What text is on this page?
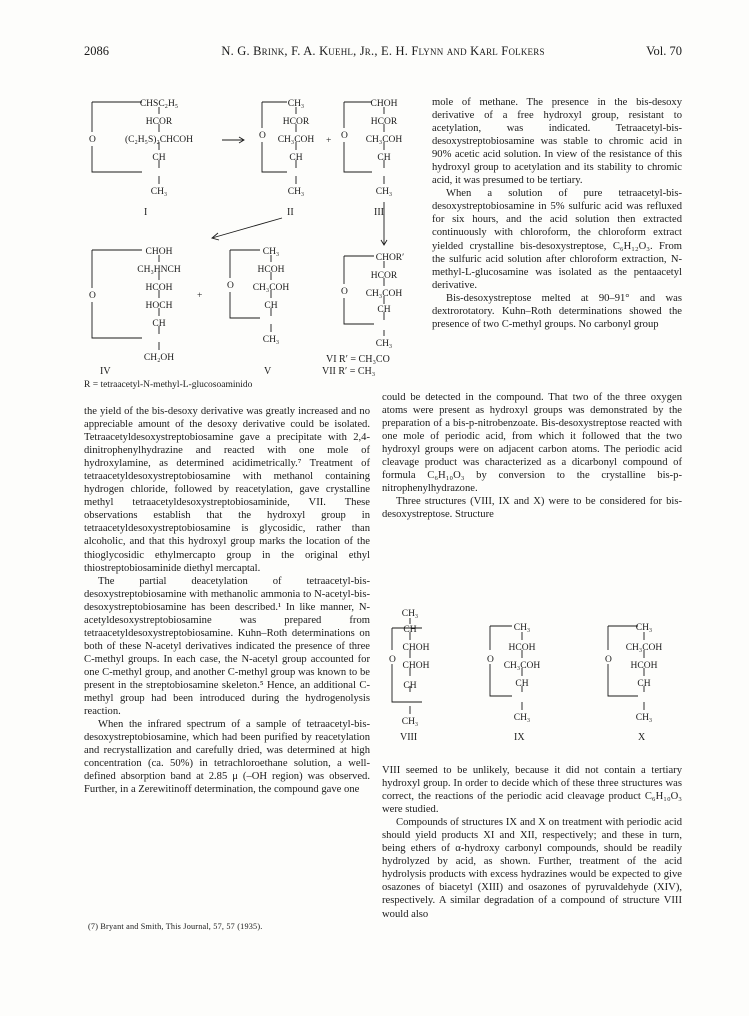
2086	N. G. Brink, F. A. Kuehl, Jr., E. H. Flynn and Karl Folkers	Vol. 70
CHSC₂H₅
HCOR
(C₂H₅S)₂CHCOH
CH
CH₃
O
I
CH₃
HCOR
CH₃COH
CH
CH₃
O	+
II
CHOH
HCOR
CH₃COH
CH
CH₃
O
III
CHOH
CH₃HNCH
HCOH
HOCH
CH
CH₂OH
O	+
IV
CH₃
HCOH
CH₃COH
CH
CH₃
O
V
CHOR′
HCOR
CH₃COH
CH
CH₃
O
VI R′ = CH₃CO
VII R′ = CH₃
R = tetraacetyl-N-methyl-L-glucosoaminido

mole of methane. The presence in the bis-desoxy derivative of a free hydroxyl group, resistant to acetylation, was indicated. Tetraacetyl-bis-desoxystreptobiosamine was stable to chromic acid in 90% acetic acid solution. In view of the resistance of this hydroxyl group to acetylation and its stability to chromic acid, it was presumed to be tertiary.

When a solution of pure tetraacetyl-bis-desoxystreptobiosamine in 5% sulfuric acid was refluxed for six hours, and the acid solution then extracted continuously with chloroform, the chloroform extract yielded crystalline bis-desoxystreptose, C₆H₁₂O₃. From the sulfuric acid solution after chloroform extraction, N-methyl-L-glucosamine was isolated as the pentaacetyl derivative.

Bis-desoxystreptose melted at 90–91° and was dextrorotatory. Kuhn–Roth determinations showed the presence of two C-methyl groups. No carbonyl group

could be detected in the compound. That two of the three oxygen atoms were present as hydroxyl groups was demonstrated by the preparation of a bis-p-nitrobenzoate. Bis-desoxystreptose reacted with one mole of periodic acid, from which it followed that the two hydroxyl groups were on adjacent carbon atoms. The periodic acid cleavage product was characterized as a dicarbonyl compound of formula C₆H₁₀O₃ by conversion to the crystalline bis-p-nitrophenylhydrazone.

Three structures (VIII, IX and X) were to be considered for bis-desoxystreptose. Structure

CH₃
CH
CHOH
CHOH
CH
CH₃
O
VIII
CH₃
HCOH
CH₃COH
CH
CH₃
O
IX
CH₃
CH₃COH
HCOH
CH
CH₃
O
X

VIII seemed to be unlikely, because it did not contain a tertiary hydroxyl group. In order to decide which of these three structures was correct, the reactions of the periodic acid cleavage product C₆H₁₀O₃ were studied.

Compounds of structures IX and X on treatment with periodic acid should yield products XI and XII, respectively; and these in turn, being ethers of α-hydroxy carbonyl compounds, should be readily hydrolyzed by acid, as shown. Further, treatment of the acid hydrolysis products with excess hydrazines would be expected to give osazones of biacetyl (XIII) and osazones of pyruvaldehyde (XIV), respectively. A similar degradation of a compound of structure VIII would also

the yield of the bis-desoxy derivative was greatly increased and no appreciable amount of the desoxy derivative could be isolated. Tetraacetyldesoxystreptobiosamine gave a precipitate with 2,4-dinitrophenylhydrazine and reacted with one mole of hydroxylamine, as determined acidimetrically.⁷ Treatment of tetraacetyldesoxystreptobiosamine with methanol containing hydrogen chloride, followed by reacetylation, gave crystalline methyl tetraacetyldesoxystreptobiosaminide, VII. These observations establish that the hydroxyl group in tetraacetyldesoxystreptobiosamine is glycosidic, rather than alcoholic, and that this hydroxyl group marks the location of the thioglycosidic ethylmercapto group in the original ethyl thiostreptobiosaminide diethyl mercaptal.

The partial deacetylation of tetraacetyl-bis-desoxystreptobiosamine with methanolic ammonia to N-acetyl-bis-desoxystreptobiosamine has been described.¹ In like manner, N-acetyldesoxystreptobiosamine was prepared from tetraacetyldesoxystreptobiosamine. Kuhn–Roth determinations on both of these N-acetyl derivatives indicated the presence of three C-methyl groups. In each case, the N-acetyl group accounted for one C-methyl group, and another C-methyl group was known to be present in the streptobiosamine skeleton.⁵ Hence, an additional C-methyl group had been introduced during the hydrogenolysis reaction.

When the infrared spectrum of a sample of tetraacetyl-bis-desoxystreptobiosamine, which had been purified by reacetylation and recrystallization and carefully dried, was determined at high concentration (ca. 50%) in tetrachloroethane solution, a well-defined absorption band at 2.85 μ (–OH region) was observed. Further, in a Zerewitinoff determination, the compound gave one

(7) Bryant and Smith, This Journal, 57, 57 (1935).
